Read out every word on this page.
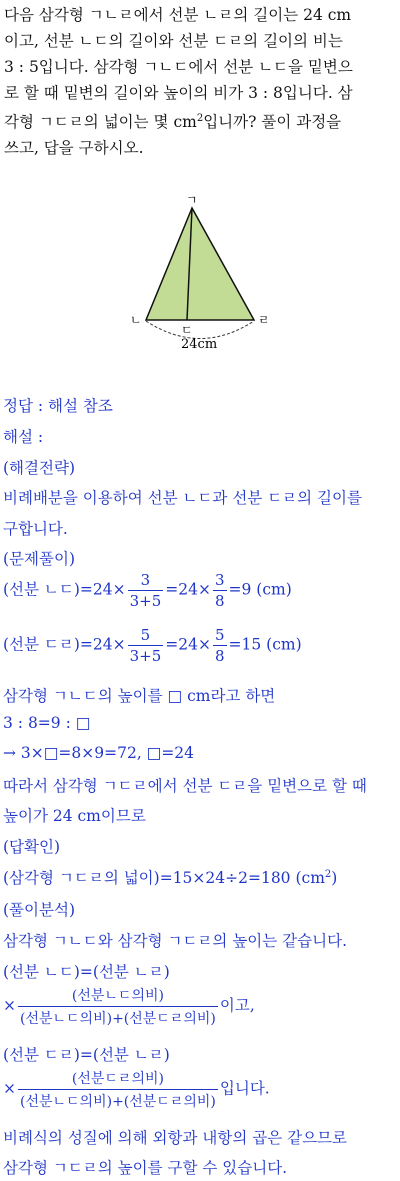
다음 삼각형 ㄱㄴㄹ에서 선분 ㄴㄹ의 길이는 24 cm

이고, 선분 ㄴㄷ의 길이와 선분 ㄷㄹ의 길이의 비는

3 : 5입니다. 삼각형 ㄱㄴㄷ에서 선분 ㄴㄷ을 밑변으

로 할 때 밑변의 길이와 높이의 비가 3 : 8입니다. 삼

각형 ㄱㄷㄹ의 넓이는 몇 $cm^2$입니까? 풀이 과정을

쓰고, 답을 구하시오.

ㄱ
ㄴ
ㄷ
ㄹ
24cm
정답 : 해설 참조
해설 :
(해결전략)
비례배분을 이용하여 선분 ㄴㄷ과 선분 ㄷㄹ의 길이를
구합니다.
(문제풀이)
(선분 ㄴㄷ)$=24\times \frac{3}{3+5} =24\times \frac{3}{8} =9$ (cm)
(선분 ㄷㄹ)$=24\times \frac{5}{3+5} =24\times \frac{5}{8} =15$ (cm)
삼각형 ㄱㄴㄷ의 높이를 □ cm라고 하면
3 : 8=9 : □
→ 3×□=8×9=72, □=24
따라서 삼각형 ㄱㄷㄹ에서 선분 ㄷㄹ을 밑변으로 할 때
높이가 24 cm이므로
(답확인)
(삼각형 ㄱㄷㄹ의 넓이)=15×24÷2=180 $(cm^2)$
(풀이분석)
삼각형 ㄱㄴㄷ와 삼각형 ㄱㄷㄹ의 높이는 같습니다.
(선분 ㄴㄷ)=(선분 ㄴㄹ)
× $\frac{\text{(선분ㄴㄷ의비)}}{\text{(선분ㄴㄷ의비)+(선분ㄷㄹ의비)}}$ 이고,
(선분 ㄷㄹ)=(선분 ㄴㄹ)
× $\frac{\text{(선분ㄷㄹ의비)}}{\text{(선분ㄴㄷ의비)+(선분ㄷㄹ의비)}}$ 입니다.
비례식의 성질에 의해 외항과 내항의 곱은 같으므로
삼각형 ㄱㄷㄹ의 높이를 구할 수 있습니다.
